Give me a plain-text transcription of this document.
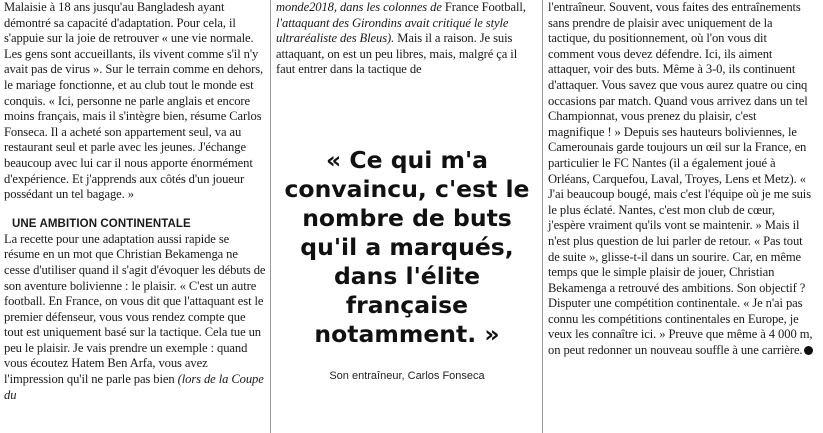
Malaisie à 18 ans jusqu'au Bangladesh ayant démontré sa capacité d'adaptation. Pour cela, il s'appuie sur la joie de retrouver « une vie normale. Les gens sont accueillants, ils vivent comme s'il n'y avait pas de virus ». Sur le terrain comme en dehors, le mariage fonctionne, et au club tout le monde est conquis. « Ici, personne ne parle anglais et encore moins français, mais il s'intègre bien, résume Carlos Fonseca. Il a acheté son appartement seul, va au restaurant seul et parle avec les jeunes. J'échange beaucoup avec lui car il nous apporte énormément d'expérience. Et j'apprends aux côtés d'un joueur possédant un tel bagage. »

UNE AMBITION CONTINENTALE

La recette pour une adaptation aussi rapide se résume en un mot que Christian Bekamenga ne cesse d'utiliser quand il s'agit d'évoquer les débuts de son aventure bolivienne : le plaisir. « C'est un autre football. En France, on vous dit que l'attaquant est le premier défenseur, vous vous rendez compte que tout est uniquement basé sur la tactique. Cela tue un peu le plaisir. Je vais prendre un exemple : quand vous écoutez Hatem Ben Arfa, vous avez l'impression qu'il ne parle pas bien (lors de la Coupe du

monde2018, dans les colonnes de France Football, l'attaquant des Girondins avait critiqué le style ultraréaliste des Bleus). Mais il a raison. Je suis attaquant, on est un peu libres, mais, malgré ça il faut entrer dans la tactique de

« Ce qui m'a convaincu, c'est le nombre de buts qu'il a marqués, dans l'élite française notamment. »
Son entraîneur, Carlos Fonseca

l'entraîneur. Souvent, vous faites des entraînements sans prendre de plaisir avec uniquement de la tactique, du positionnement, où l'on vous dit comment vous devez défendre. Ici, ils aiment attaquer, voir des buts. Même à 3-0, ils continuent d'attaquer. Vous savez que vous aurez quatre ou cinq occasions par match. Quand vous arrivez dans un tel Championnat, vous prenez du plaisir, c'est magnifique ! » Depuis ses hauteurs boliviennes, le Camerounais garde toujours un œil sur la France, en particulier le FC Nantes (il a également joué à Orléans, Carquefou, Laval, Troyes, Lens et Metz). « J'ai beaucoup bougé, mais c'est l'équipe où je me suis le plus éclaté. Nantes, c'est mon club de cœur, j'espère vraiment qu'ils vont se maintenir. » Mais il n'est plus question de lui parler de retour. « Pas tout de suite », glisse-t-il dans un sourire. Car, en même temps que le simple plaisir de jouer, Christian Bekamenga a retrouvé des ambitions. Son objectif ? Disputer une compétition continentale. « Je n'ai pas connu les compétitions continentales en Europe, je veux les connaître ici. » Preuve que même à 4 000 m, on peut redonner un nouveau souffle à une carrière.
